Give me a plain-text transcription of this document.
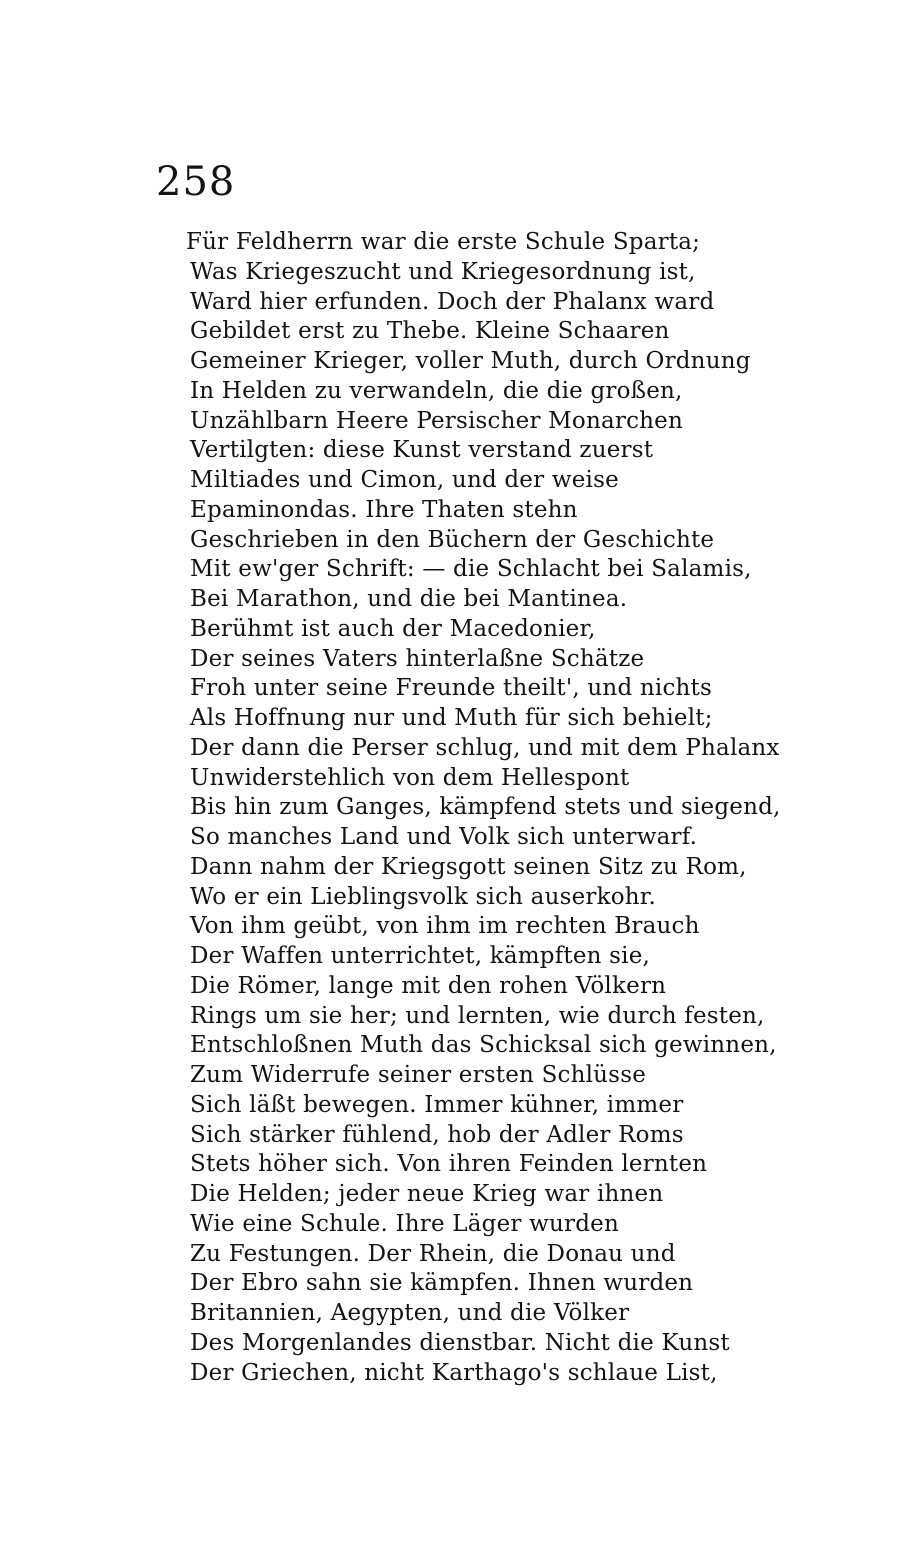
258
Für Feldherrn war die erste Schule Sparta;
Was Kriegeszucht und Kriegesordnung ist,
Ward hier erfunden. Doch der Phalanx ward
Gebildet erst zu Thebe. Kleine Schaaren
Gemeiner Krieger, voller Muth, durch Ordnung
In Helden zu verwandeln, die die großen,
Unzählbarn Heere Persischer Monarchen
Vertilgten: diese Kunst verstand zuerst
Miltiades und Cimon, und der weise
Epaminondas. Ihre Thaten stehn
Geschrieben in den Büchern der Geschichte
Mit ew'ger Schrift: — die Schlacht bei Salamis,
Bei Marathon, und die bei Mantinea.
Berühmt ist auch der Macedonier,
Der seines Vaters hinterlaßne Schätze
Froh unter seine Freunde theilt', und nichts
Als Hoffnung nur und Muth für sich behielt;
Der dann die Perser schlug, und mit dem Phalanx
Unwiderstehlich von dem Hellespont
Bis hin zum Ganges, kämpfend stets und siegend,
So manches Land und Volk sich unterwarf.
Dann nahm der Kriegsgott seinen Sitz zu Rom,
Wo er ein Lieblingsvolk sich auserkohr.
Von ihm geübt, von ihm im rechten Brauch
Der Waffen unterrichtet, kämpften sie,
Die Römer, lange mit den rohen Völkern
Rings um sie her; und lernten, wie durch festen,
Entschloßnen Muth das Schicksal sich gewinnen,
Zum Widerrufe seiner ersten Schlüsse
Sich läßt bewegen. Immer kühner, immer
Sich stärker fühlend, hob der Adler Roms
Stets höher sich. Von ihren Feinden lernten
Die Helden; jeder neue Krieg war ihnen
Wie eine Schule. Ihre Läger wurden
Zu Festungen. Der Rhein, die Donau und
Der Ebro sahn sie kämpfen. Ihnen wurden
Britannien, Aegypten, und die Völker
Des Morgenlandes dienstbar. Nicht die Kunst
Der Griechen, nicht Karthago's schlaue List,
